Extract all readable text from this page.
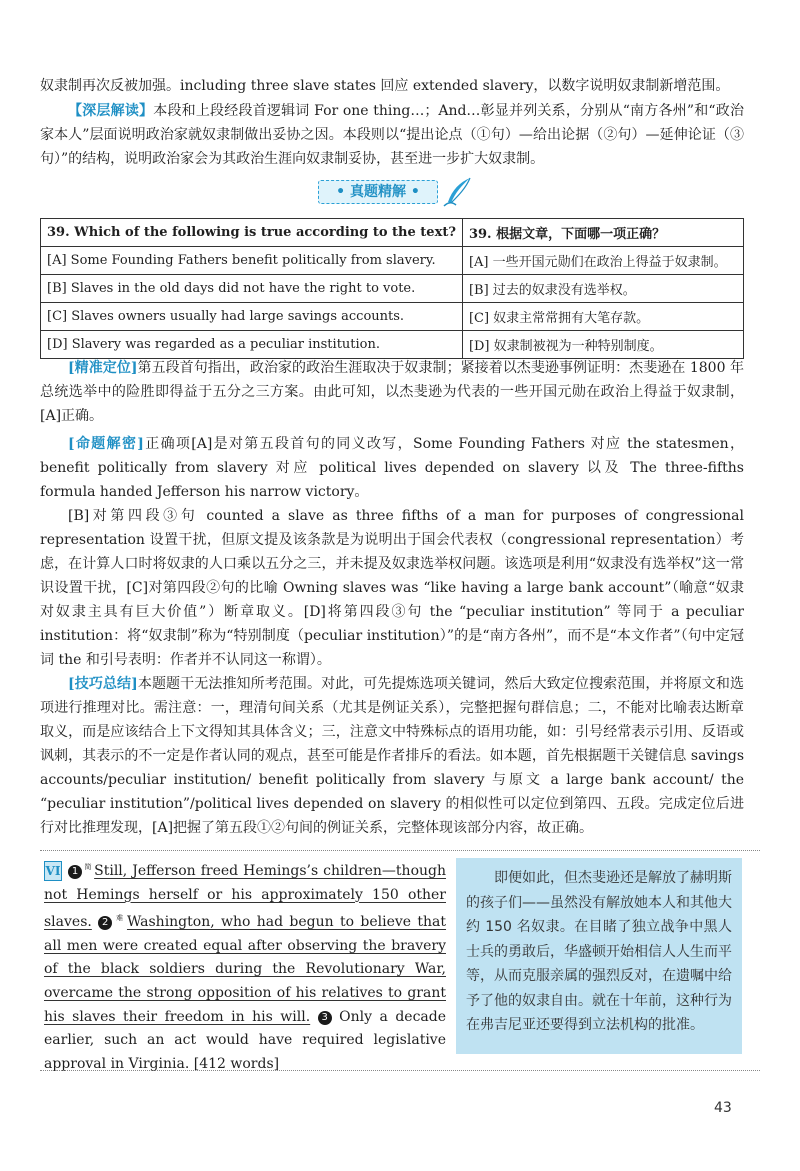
奴隶制再次反被加强。including three slave states 回应 extended slavery，以数字说明奴隶制新增范围。

【深层解读】本段和上段经段首逻辑词 For one thing…；And…彰显并列关系，分别从“南方各州”和“政治家本人”层面说明政治家就奴隶制做出妥协之因。本段则以“提出论点（①句）—给出论据（②句）—延伸论证（③句）”的结构，说明政治家会为其政治生涯向奴隶制妥协，甚至进一步扩大奴隶制。

• 真题精解 •
39. Which of the following is true according to the text?	39. 根据文章，下面哪一项正确？
[A] Some Founding Fathers benefit politically from slavery.	[A] 一些开国元勋们在政治上得益于奴隶制。
[B] Slaves in the old days did not have the right to vote.	[B] 过去的奴隶没有选举权。
[C] Slaves owners usually had large savings accounts.	[C] 奴隶主常常拥有大笔存款。
[D] Slavery was regarded as a peculiar institution.	[D] 奴隶制被视为一种特别制度。

[精准定位]第五段首句指出，政治家的政治生涯取决于奴隶制；紧接着以杰斐逊事例证明：杰斐逊在 1800 年总统选举中的险胜即得益于五分之三方案。由此可知，以杰斐逊为代表的一些开国元勋在政治上得益于奴隶制，[A]正确。

[命题解密]正确项[A]是对第五段首句的同义改写，Some Founding Fathers 对应 the statesmen，benefit politically from slavery 对应 political lives depended on slavery 以及 The three-fifths formula handed Jefferson his narrow victory。

[B]对第四段③句 counted a slave as three fifths of a man for purposes of congressional representation 设置干扰，但原文提及该条款是为说明出于国会代表权（congressional representation）考虑，在计算人口时将奴隶的人口乘以五分之三，并未提及奴隶选举权问题。该选项是利用“奴隶没有选举权”这一常识设置干扰，[C]对第四段②句的比喻 Owning slaves was “like having a large bank account”（喻意“奴隶对奴隶主具有巨大价值”）断章取义。[D]将第四段③句 the “peculiar institution” 等同于 a peculiar institution：将“奴隶制”称为“特别制度（peculiar institution）”的是“南方各州”，而不是“本文作者”（句中定冠词 the 和引号表明：作者并不认同这一称谓）。

[技巧总结]本题题干无法推知所考范围。对此，可先提炼选项关键词，然后大致定位搜索范围，并将原文和选项进行推理对比。需注意：一，理清句间关系（尤其是例证关系），完整把握句群信息；二，不能对比喻表达断章取义，而是应该结合上下文得知其具体含义；三，注意文中特殊标点的语用功能，如：引号经常表示引用、反语或讽刺，其表示的不一定是作者认同的观点，甚至可能是作者排斥的看法。如本题，首先根据题干关键信息 savings accounts/peculiar institution/ benefit politically from slavery 与原文 a large bank account/ the “peculiar institution”/political lives depended on slavery 的相似性可以定位到第四、五段。完成定位后进行对比推理发现，[A]把握了第五段①②句间的例证关系，完整体现该部分内容，故正确。

VI 1 $^简$ Still, Jefferson freed Hemings’s children—though not Hemings herself or his approximately 150 other slaves. 2 $^难$ Washington, who had begun to believe that all men were created equal after observing the bravery of the black soldiers during the Revolutionary War, overcame the strong opposition of his relatives to grant his slaves their freedom in his will. 3 Only a decade earlier, such an act would have required legislative approval in Virginia. [412 words]

即便如此，但杰斐逊还是解放了赫明斯的孩子们——虽然没有解放她本人和其他大约 150 名奴隶。在目睹了独立战争中黑人士兵的勇敢后，华盛顿开始相信人人生而平等，从而克服亲属的强烈反对，在遗嘱中给予了他的奴隶自由。就在十年前，这种行为在弗吉尼亚还要得到立法机构的批准。

43
